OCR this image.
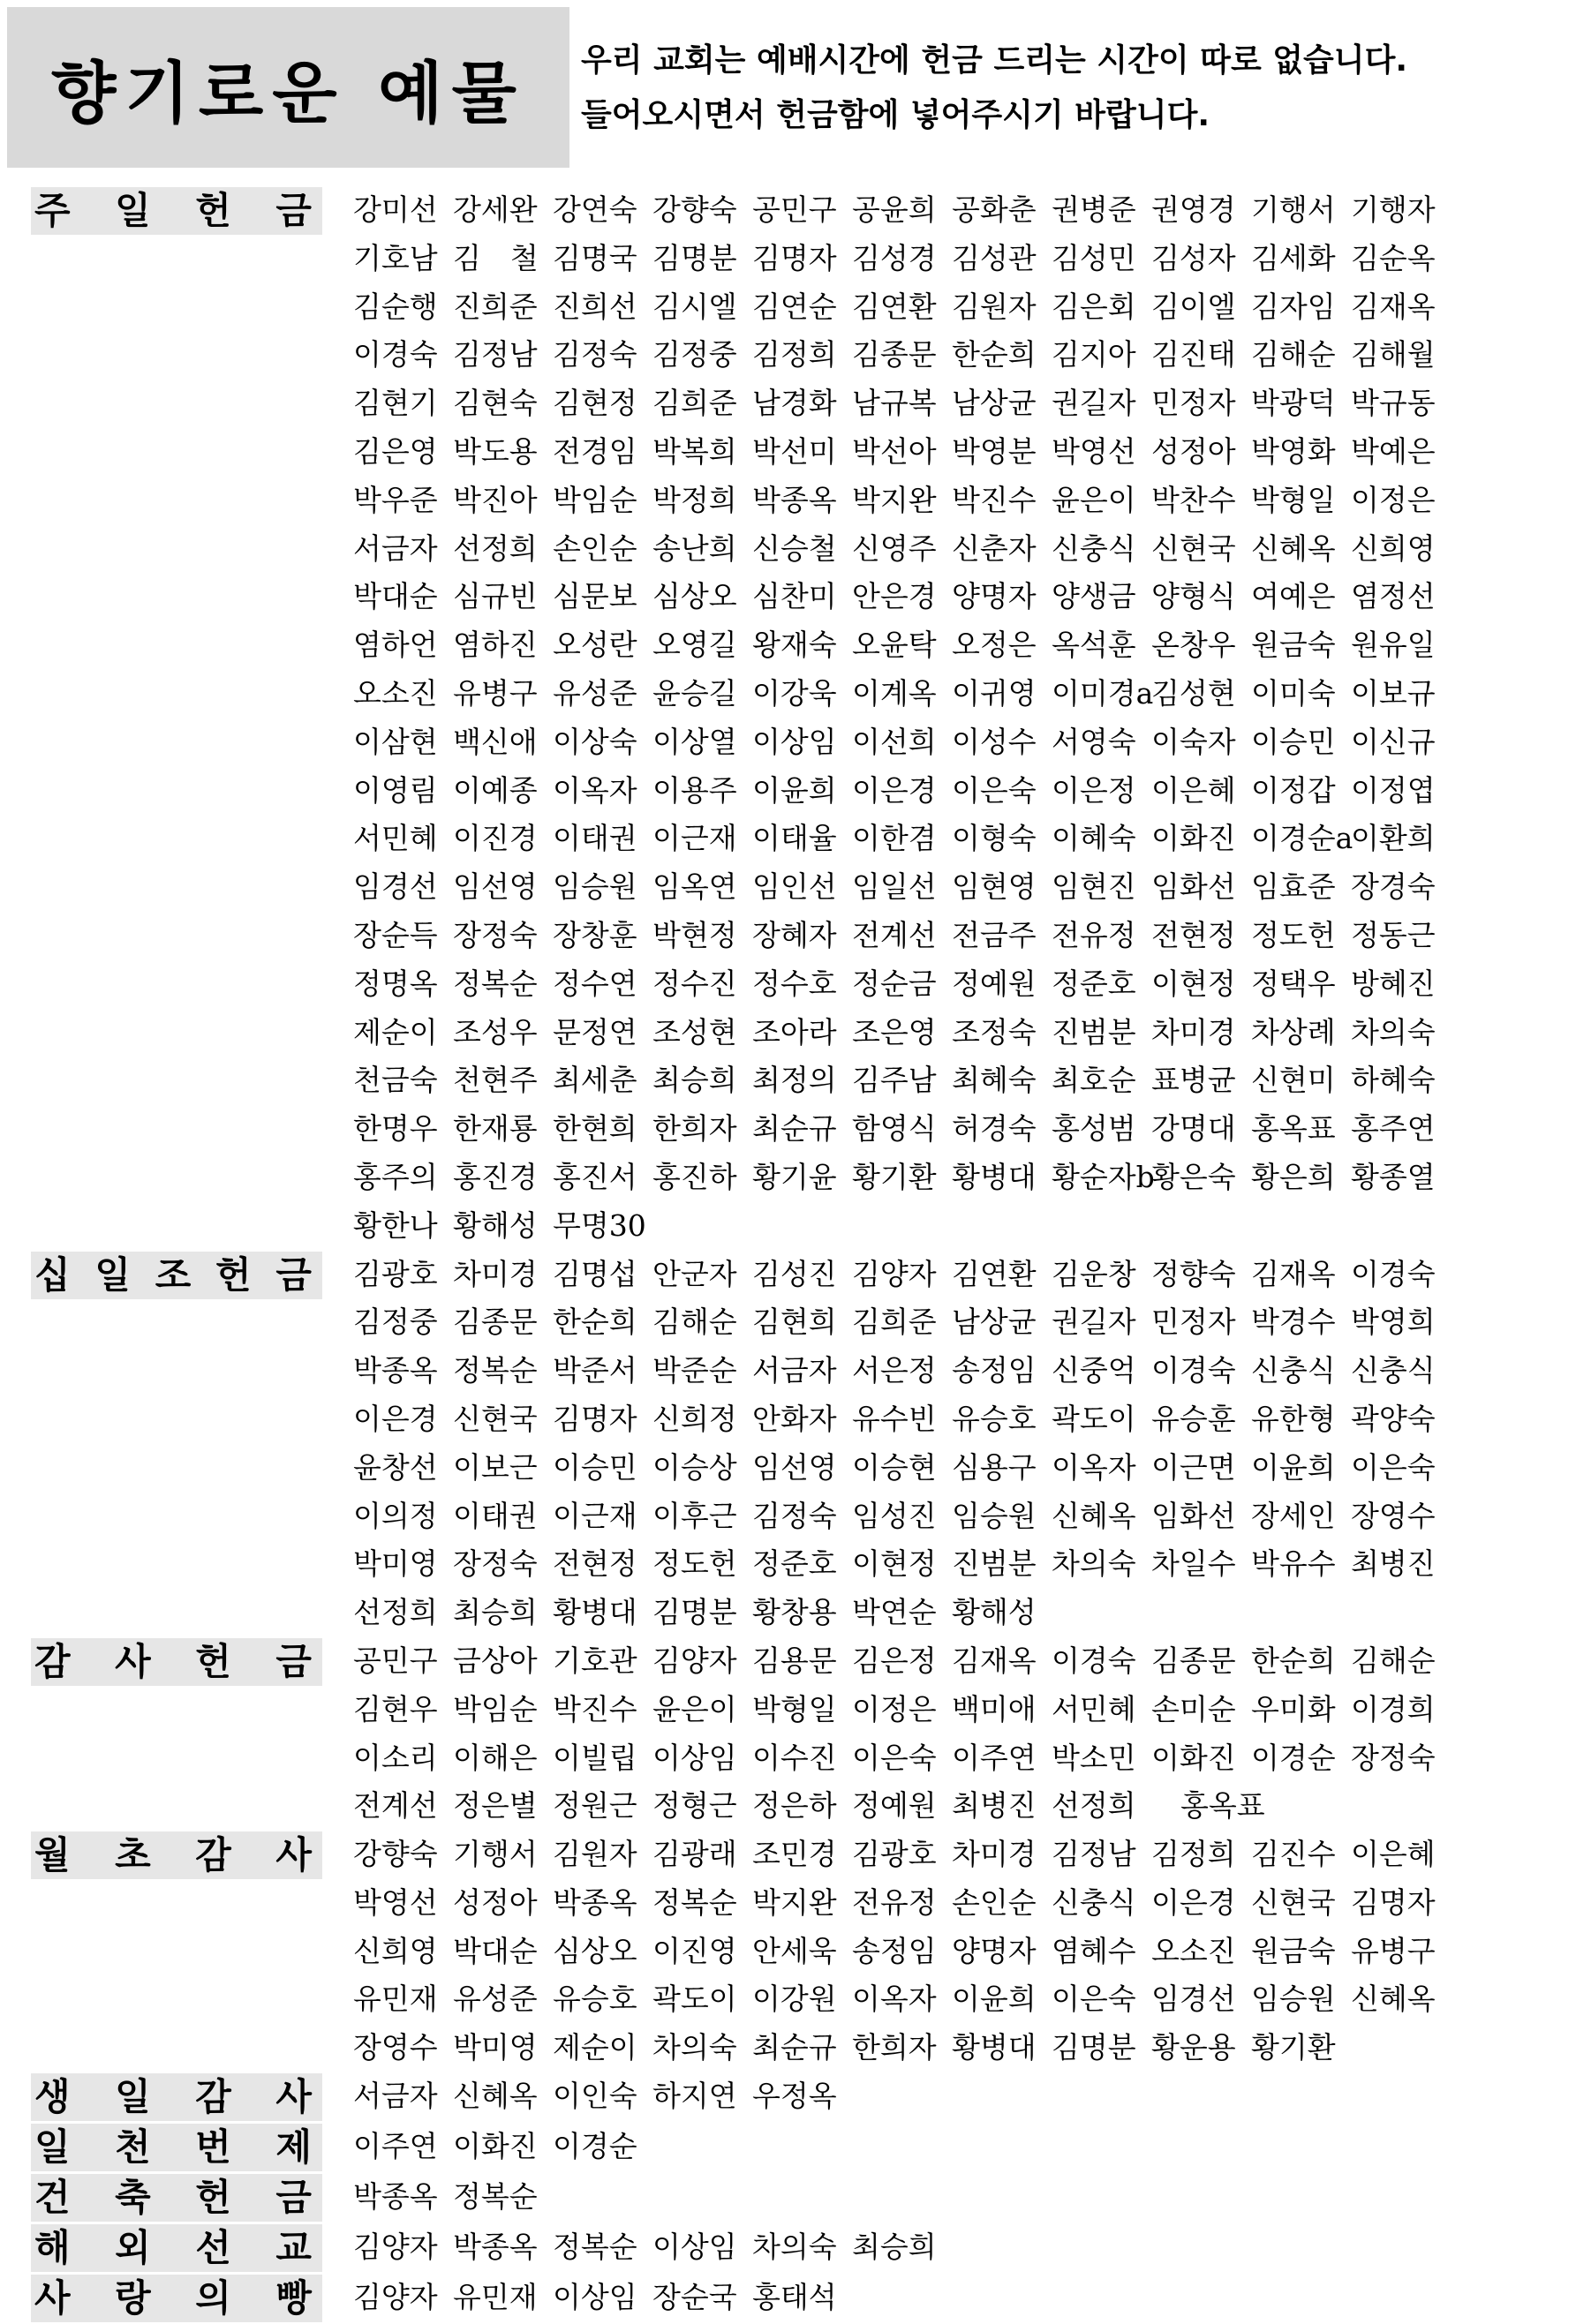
향기로운 예물 우리 교회는 예배시간에 헌금 드리는 시간이 따로 없습니다.
들어오시면서 헌금함에 넣어주시기 바랍니다.
주 일 헌 금 강미선 강세완 강연숙 강향숙 공민구 공윤희 공화춘 권병준 권영경 기행서 기행자
기호남 김　철 김명국 김명분 김명자 김성경 김성관 김성민 김성자 김세화 김순옥
김순행 진희준 진희선 김시엘 김연순 김연환 김원자 김은회 김이엘 김자임 김재옥
이경숙 김정남 김정숙 김정중 김정희 김종문 한순희 김지아 김진태 김해순 김해월
김현기 김현숙 김현정 김희준 남경화 남규복 남상균 권길자 민정자 박광덕 박규동
김은영 박도용 전경임 박복희 박선미 박선아 박영분 박영선 성정아 박영화 박예은
박우준 박진아 박임순 박정희 박종옥 박지완 박진수 윤은이 박찬수 박형일 이정은
서금자 선정희 손인순 송난희 신승철 신영주 신춘자 신충식 신현국 신혜옥 신희영
박대순 심규빈 심문보 심상오 심찬미 안은경 양명자 양생금 양형식 여예은 염정선
염하언 염하진 오성란 오영길 왕재숙 오윤탁 오정은 옥석훈 온창우 원금숙 원유일
오소진 유병구 유성준 윤승길 이강욱 이계옥 이귀영 이미경a
김성현 이미숙 이보규
이삼현 백신애 이상숙 이상열 이상임 이선희 이성수 서영숙 이숙자 이승민 이신규
이영림 이예종 이옥자 이용주 이윤희 이은경 이은숙 이은정 이은혜 이정갑 이정엽
서민혜 이진경 이태권 이근재 이태율 이한겸 이형숙 이혜숙 이화진 이경순a
이환희
임경선 임선영 임승원 임옥연 임인선 임일선 임현영 임현진 임화선 임효준 장경숙
장순득 장정숙 장창훈 박현정 장혜자 전계선 전금주 전유정 전현정 정도헌 정동근
정명옥 정복순 정수연 정수진 정수호 정순금 정예원 정준호 이현정 정택우 방혜진
제순이 조성우 문정연 조성현 조아라 조은영 조정숙 진범분 차미경 차상례 차의숙
천금숙 천현주 최세춘 최승희 최정의 김주남 최혜숙 최호순 표병균 신현미 하혜숙
한명우 한재룡 한현희 한희자 최순규 함영식 허경숙 홍성범 강명대 홍옥표 홍주연
홍주의 홍진경 홍진서 홍진하 황기윤 황기환 황병대 황순자b
황은숙 황은희 황종열
황한나 황해성 무명30
십 일 조 헌 금 김광호 차미경 김명섭 안군자 김성진 김양자 김연환 김운창 정향숙 김재옥 이경숙
김정중 김종문 한순희 김해순 김현희 김희준 남상균 권길자 민정자 박경수 박영희
박종옥 정복순 박준서 박준순 서금자 서은정 송정임 신중억 이경숙 신충식 신충식
이은경 신현국 김명자 신희정 안화자 유수빈 유승호 곽도이 유승훈 유한형 곽양숙
윤창선 이보근 이승민 이승상 임선영 이승현 심용구 이옥자 이근면 이윤희 이은숙
이의정 이태권 이근재 이후근 김정숙 임성진 임승원 신혜옥 임화선 장세인 장영수
박미영 장정숙 전현정 정도헌 정준호 이현정 진범분 차의숙 차일수 박유수 최병진
선정희 최승희 황병대 김명분 황창용 박연순 황해성
감 사 헌 금 공민구 금상아 기호관 김양자 김용문 김은정 김재옥 이경숙 김종문 한순희 김해순
김현우 박임순 박진수 윤은이 박형일 이정은 백미애 서민혜 손미순 우미화 이경희
이소리 이해은 이빌립 이상임 이수진 이은숙 이주연 박소민 이화진 이경순 장정숙
전계선 정은별 정원근 정형근 정은하 정예원 최병진 선정희 　홍옥표
월 초 감 사 강향숙 기행서 김원자 김광래 조민경 김광호 차미경 김정남 김정희 김진수 이은혜
박영선 성정아 박종옥 정복순 박지완 전유정 손인순 신충식 이은경 신현국 김명자
신희영 박대순 심상오 이진영 안세욱 송정임 양명자 염혜수 오소진 원금숙 유병구
유민재 유성준 유승호 곽도이 이강원 이옥자 이윤희 이은숙 임경선 임승원 신혜옥
장영수 박미영 제순이 차의숙 최순규 한희자 황병대 김명분 황운용 황기환
생 일 감 사 서금자 신혜옥 이인숙 하지연 우정옥
일 천 번 제 이주연 이화진 이경순
건 축 헌 금 박종옥 정복순
해 외 선 교 김양자 박종옥 정복순 이상임 차의숙 최승희
사 랑 의 빵 김양자 유민재 이상임 장순국 홍태석
